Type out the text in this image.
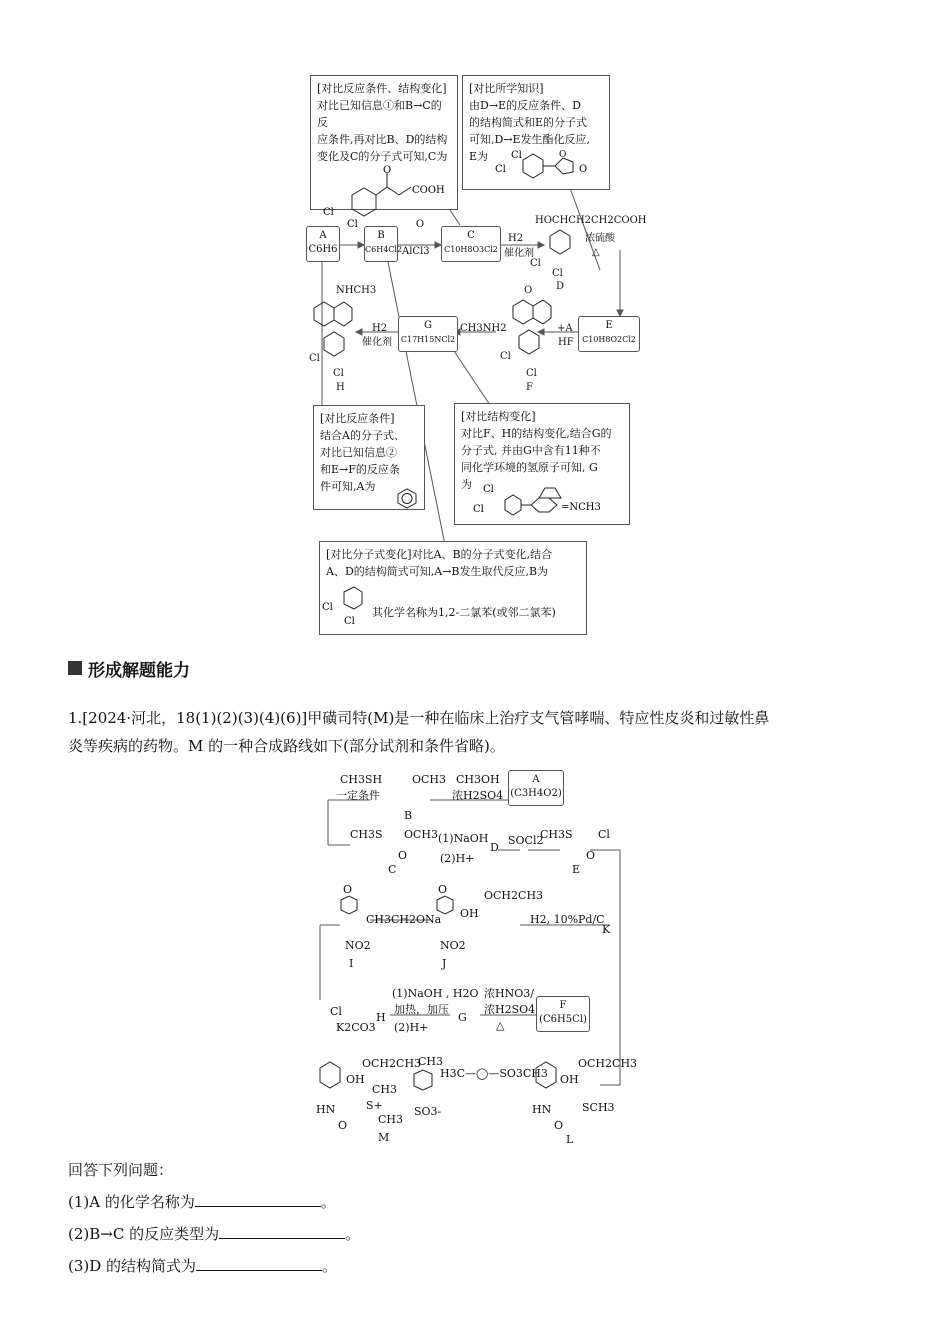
[对比反应条件、结构变化]
对比已知信息①和B→C的反
应条件,再对比B、D的结构
变化及C的分子式可知,C为
O
COOH
Cl
Cl
[对比所学知识]
由D→E的反应条件、D
的结构简式和E的分子式
可知,D→E发生酯化反应,
E为	Cl
Cl
O
O
A
C6H6
B
C6H4Cl2
O
AlCl3
C
C10H8O3Cl2
H2
催化剂
HOCHCH2CH2COOH
Cl
Cl
D
浓硫酸
△
E
C10H8O2Cl2
+A
HF
O
Cl
Cl
F
CH3NH2
G
C17H15NCl2
H2
催化剂
NHCH3
Cl
Cl
H
[对比反应条件]
结合A的分子式、
对比已知信息②
和E→F的反应条
件可知,A为
[对比结构变化]
对比F、H的结构变化,结合G的
分子式, 并由G中含有11种不
同化学环境的氢原子可知, G
为	Cl
Cl	=NCH3
[对比分子式变化]对比A、B的分子式变化,结合
A、D的结构简式可知,A→B发生取代反应,B为
Cl
Cl
其化学名称为1,2-二氯苯(或邻二氯苯)
形成解题能力
1.[2024·河北，18(1)(2)(3)(4)(6)]甲磺司特(M)是一种在临床上治疗支气管哮喘、特应性皮炎和过敏性鼻
炎等疾病的药物。M 的一种合成路线如下(部分试剂和条件省略)。
CH3SH
一定条件
OCH3
B
CH3OH
浓H2SO4
A
(C3H4O2)
CH3S OCH3
O
C
(1)NaOH
(2)H+
D
SOCl2
CH3S Cl
O
E
O
NO2
I
CH3CH2ONa
O	OCH2CH3
OH
NO2
J
H2, 10%Pd/C
K
Cl
K2CO3
H
(1)NaOH , H2O
加热，加压
(2)H+
G
浓HNO3/
浓H2SO4
△
F
(C6H5Cl)
OCH2CH3
OH
HN
O
S+
CH3
CH3
M
CH3
SO3-
H3C—◯—SO3CH3
OCH2CH3
OH
HN
O
SCH3
L
回答下列问题：
(1)A 的化学名称为	。
(2)B→C 的反应类型为	。
(3)D 的结构简式为	。
